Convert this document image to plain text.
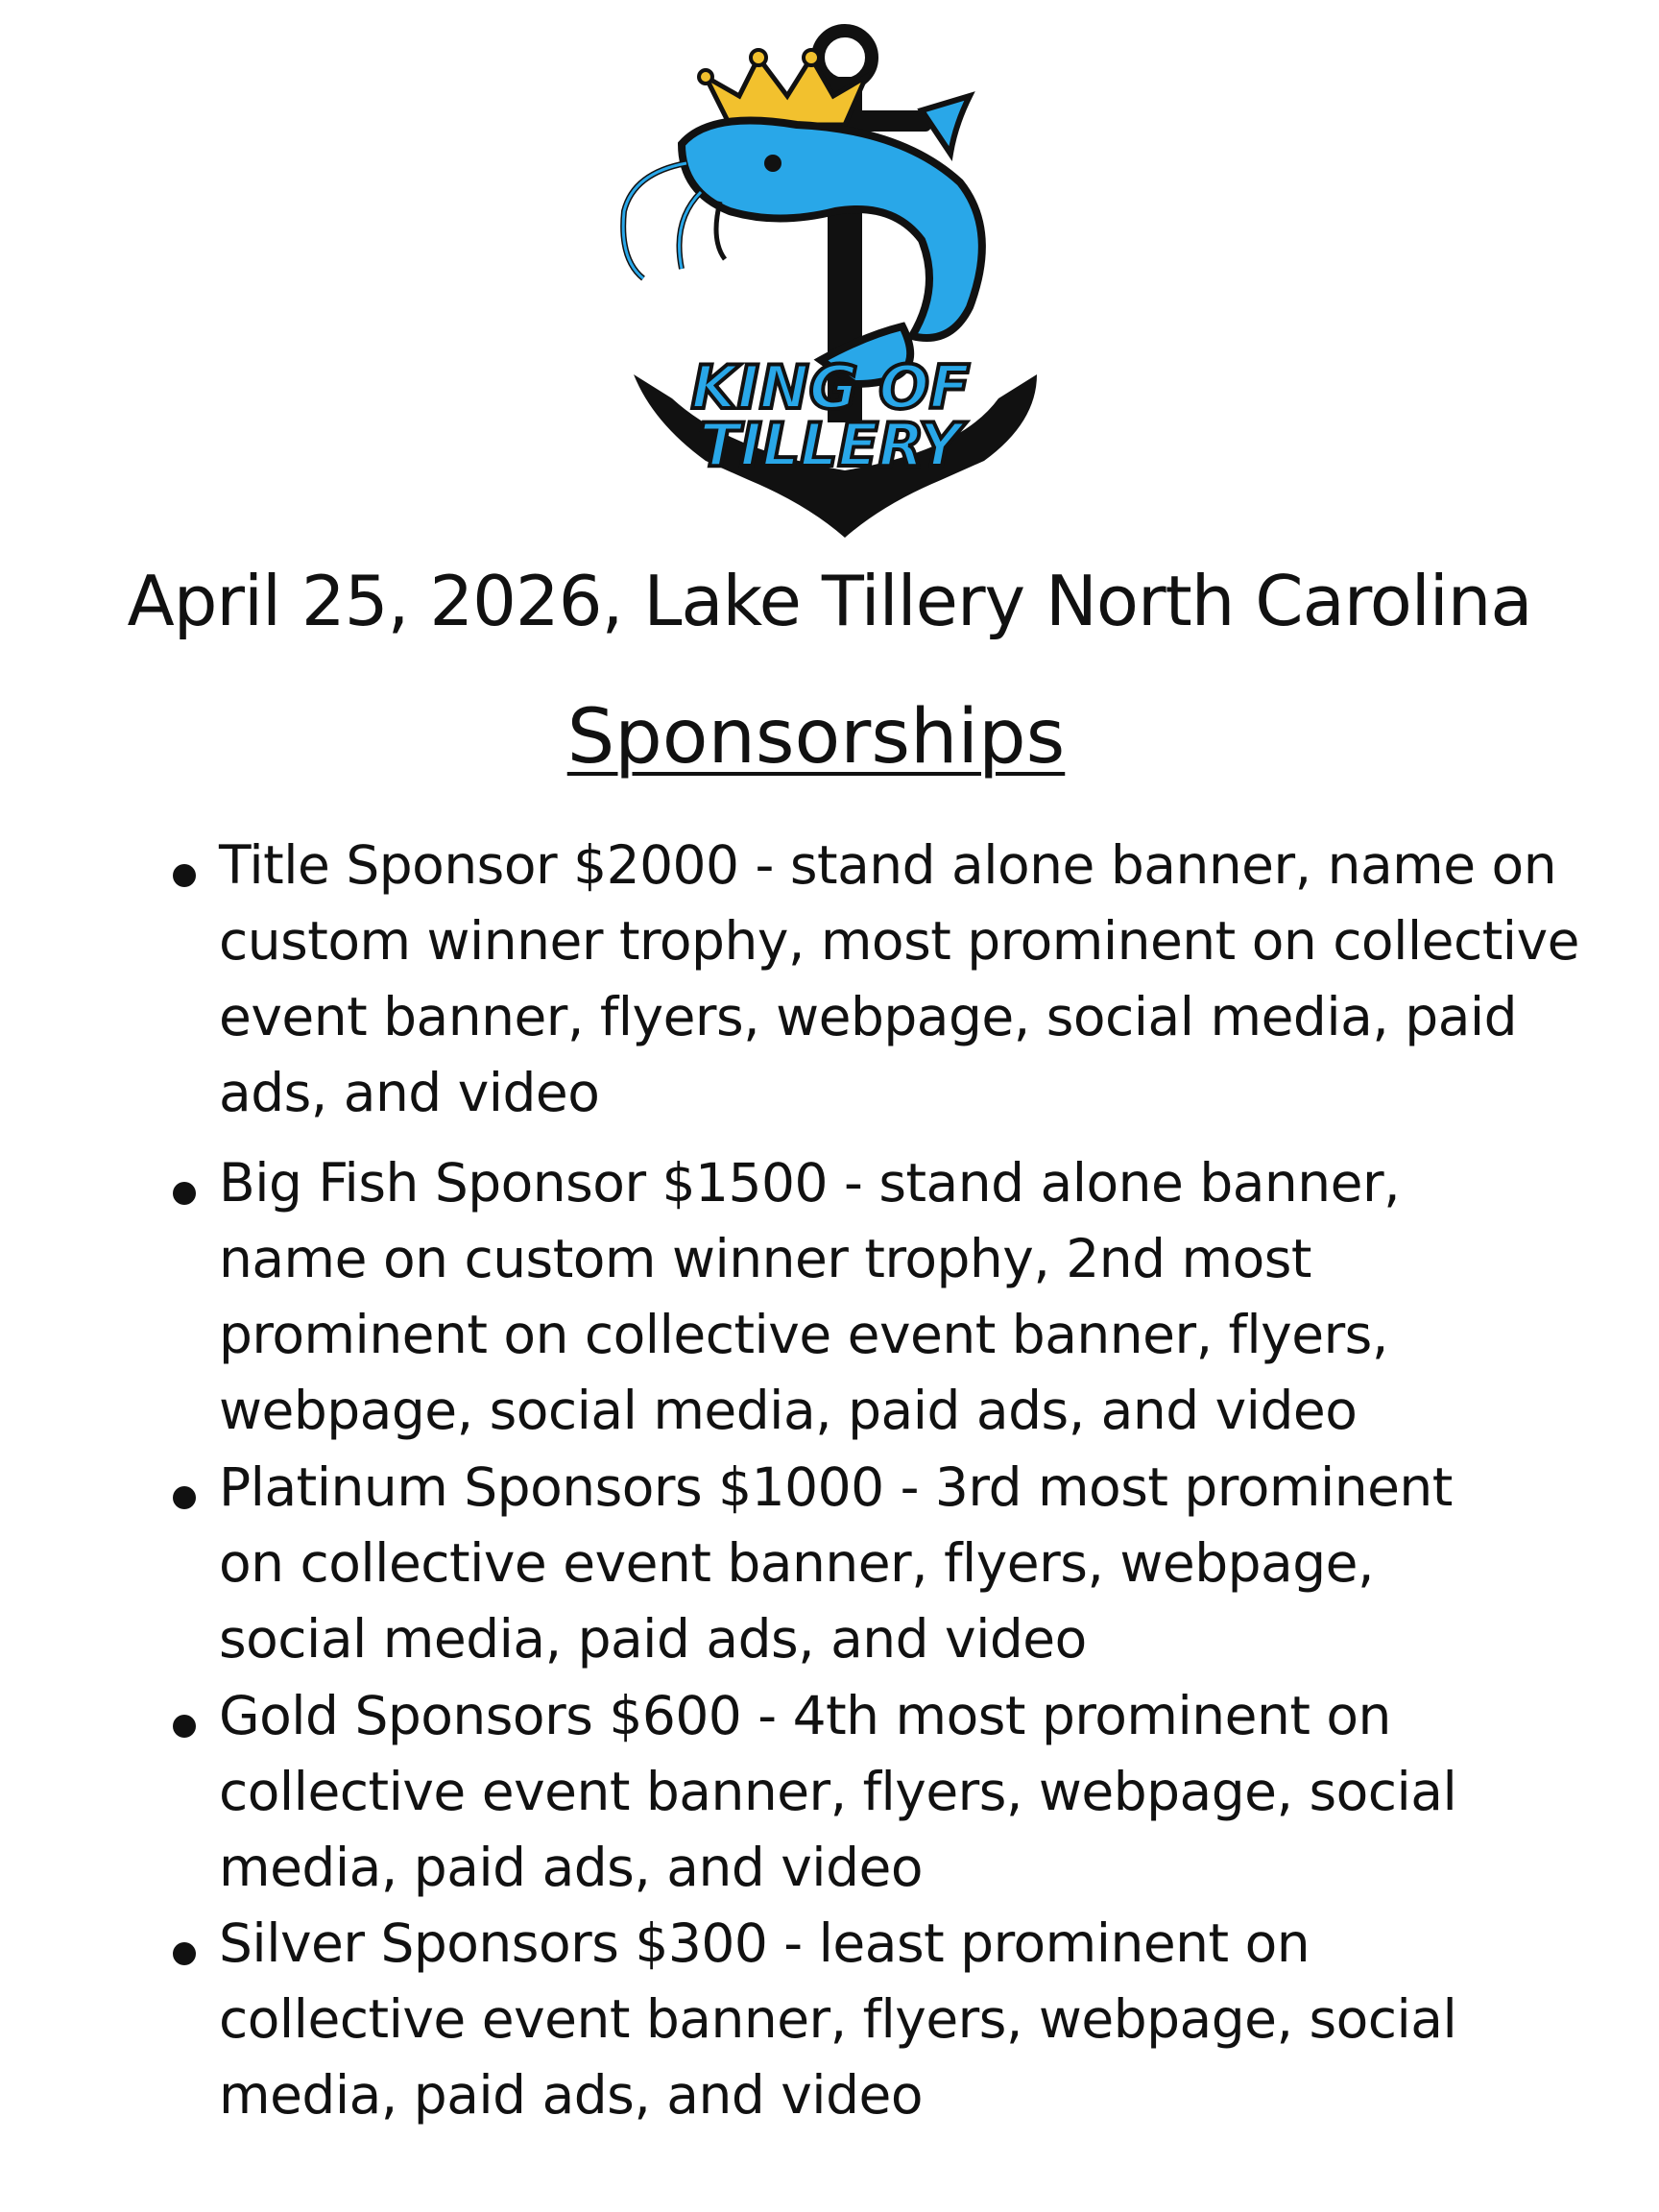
KING OF
TILLERY
April 25, 2026, Lake Tillery North Carolina
Sponsorships
Title Sponsor $2000 - stand alone banner, name on
custom winner trophy, most prominent on collective
event banner, flyers, webpage, social media, paid
ads, and video
Big Fish Sponsor $1500 - stand alone banner,
name on custom winner trophy, 2nd most
prominent on collective event banner, flyers,
webpage, social media, paid ads, and video
Platinum Sponsors $1000 - 3rd most prominent
on collective event banner, flyers, webpage,
social media, paid ads, and video
Gold Sponsors $600 - 4th most prominent on
collective event banner, flyers, webpage, social
media, paid ads, and video
Silver Sponsors $300 - least prominent on
collective event banner, flyers, webpage, social
media, paid ads, and video
